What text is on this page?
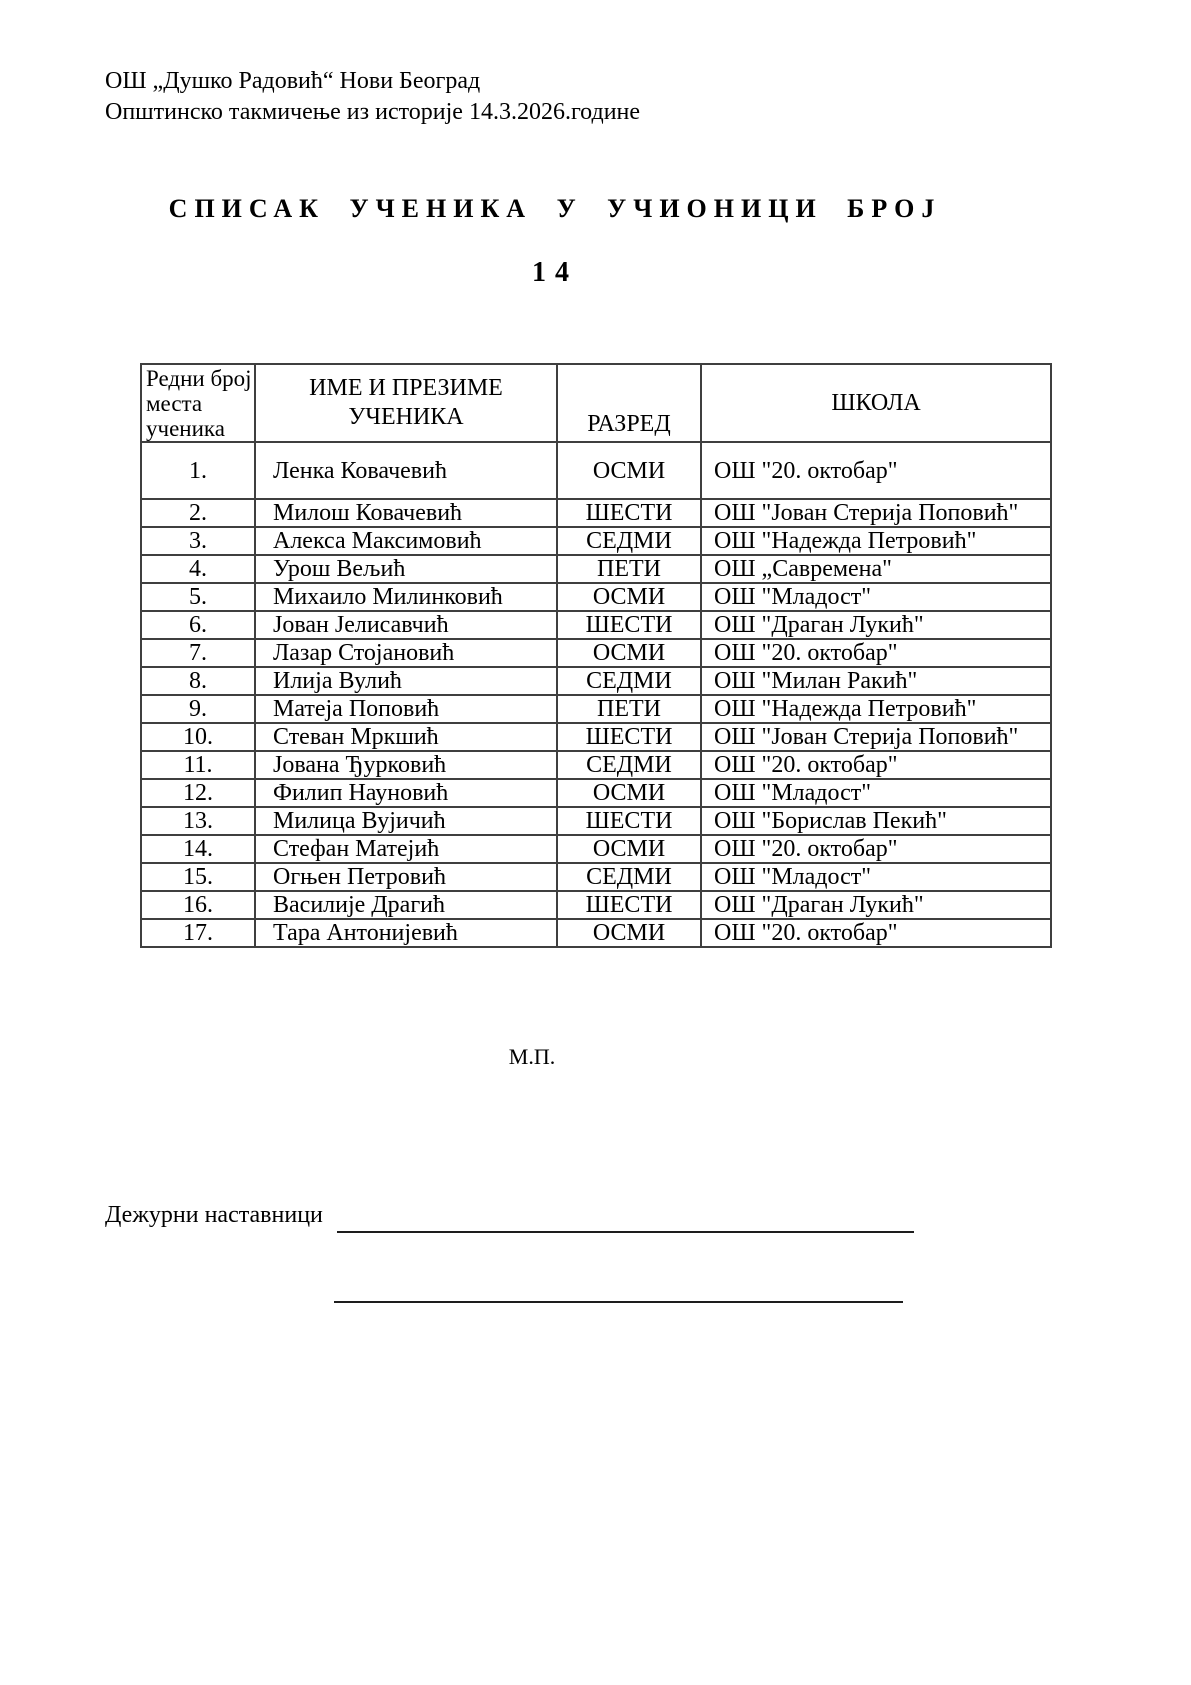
ОШ „Душко Радовић“ Нови Београд
Општинско такмичење из историје 14.3.2026.године
СПИСАК УЧЕНИКА У УЧИОНИЦИ БРОЈ
14
Редни број места ученика	ИМЕ И ПРЕЗИМЕ УЧЕНИКА	РАЗРЕД	ШКОЛА
1.	Ленка Ковачевић	ОСМИ	ОШ "20. октобар"
2.	Милош Ковачевић	ШЕСТИ	ОШ "Јован Стерија Поповић"
3.	Алекса Максимовић	СЕДМИ	ОШ "Надежда Петровић"
4.	Урош Вељић	ПЕТИ	ОШ „Савремена"
5.	Михаило Милинковић	ОСМИ	ОШ "Младост"
6.	Јован Јелисавчић	ШЕСТИ	ОШ "Драган Лукић"
7.	Лазар Стојановић	ОСМИ	ОШ "20. октобар"
8.	Илија Вулић	СЕДМИ	ОШ "Милан Ракић"
9.	Матеја Поповић	ПЕТИ	ОШ "Надежда Петровић"
10.	Стеван Мркшић	ШЕСТИ	ОШ "Јован Стерија Поповић"
11.	Јована Ђурковић	СЕДМИ	ОШ "20. октобар"
12.	Филип Науновић	ОСМИ	ОШ "Младост"
13.	Милица Вујичић	ШЕСТИ	ОШ "Борислав Пекић"
14.	Стефан Матејић	ОСМИ	ОШ "20. октобар"
15.	Огњен Петровић	СЕДМИ	ОШ "Младост"
16.	Василије Драгић	ШЕСТИ	ОШ "Драган Лукић"
17.	Тара Антонијевић	ОСМИ	ОШ "20. октобар"
М.П.
Дежурни наставници
